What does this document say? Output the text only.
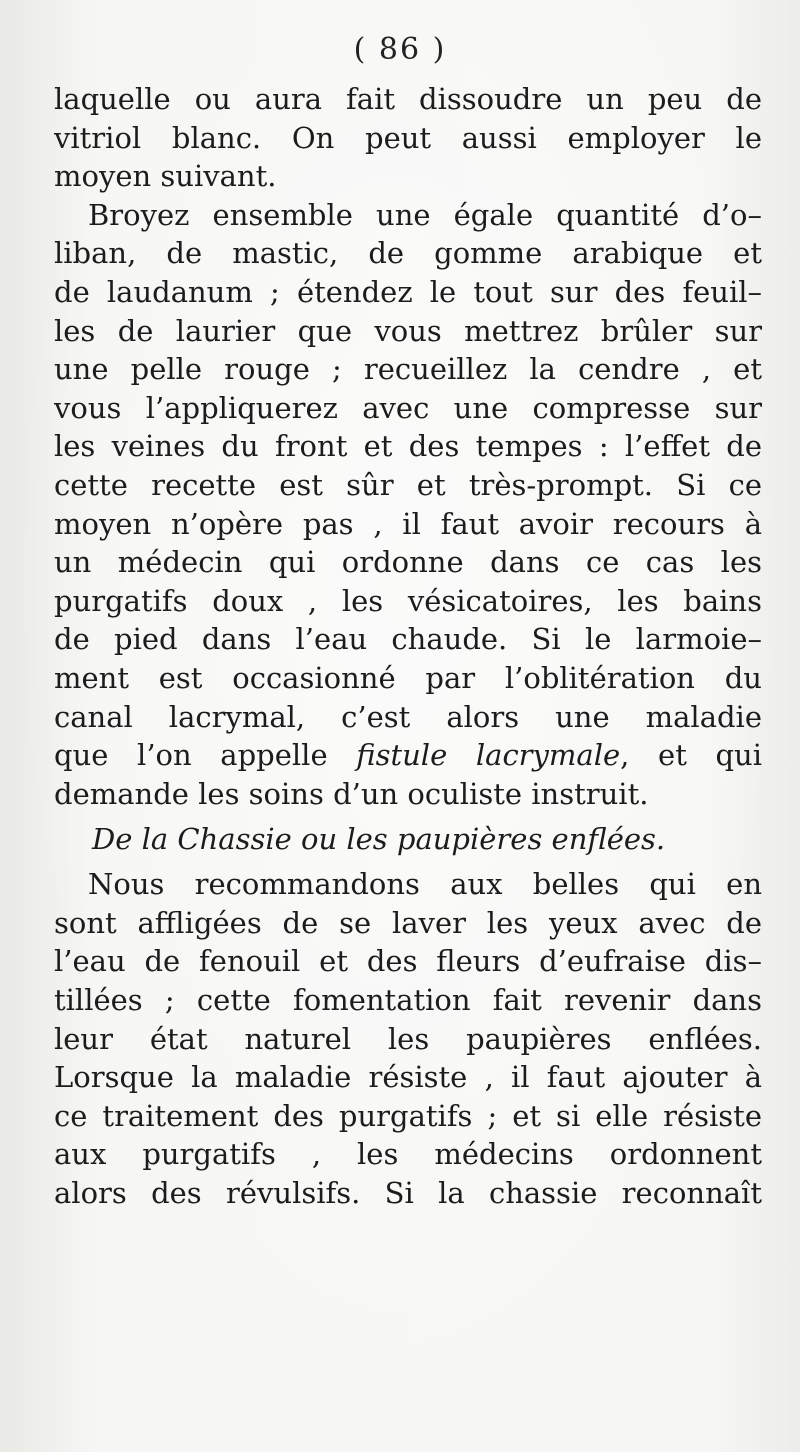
( 86 )
laquelle ou aura fait dissoudre un peu de
vitriol blanc. On peut aussi employer le
moyen suivant.
Broyez ensemble une égale quantité d’o–
liban, de mastic, de gomme arabique et
de laudanum ; étendez le tout sur des feuil–
les de laurier que vous mettrez brûler sur
une pelle rouge ; recueillez la cendre , et
vous l’appliquerez avec une compresse sur
les veines du front et des tempes : l’effet de
cette recette est sûr et très-prompt. Si ce
moyen n’opère pas , il faut avoir recours à
un médecin qui ordonne dans ce cas les
purgatifs doux , les vésicatoires, les bains
de pied dans l’eau chaude. Si le larmoie–
ment est occasionné par l’oblitération du
canal lacrymal, c’est alors une maladie
que l’on appelle fistule lacrymale, et qui
demande les soins d’un oculiste instruit.
De la Chassie ou les paupières enflées.
Nous recommandons aux belles qui en
sont affligées de se laver les yeux avec de
l’eau de fenouil et des fleurs d’eufraise dis–
tillées ; cette fomentation fait revenir dans
leur état naturel les paupières enflées.
Lorsque la maladie résiste , il faut ajouter à
ce traitement des purgatifs ; et si elle résiste
aux purgatifs , les médecins ordonnent
alors des révulsifs. Si la chassie reconnaît
